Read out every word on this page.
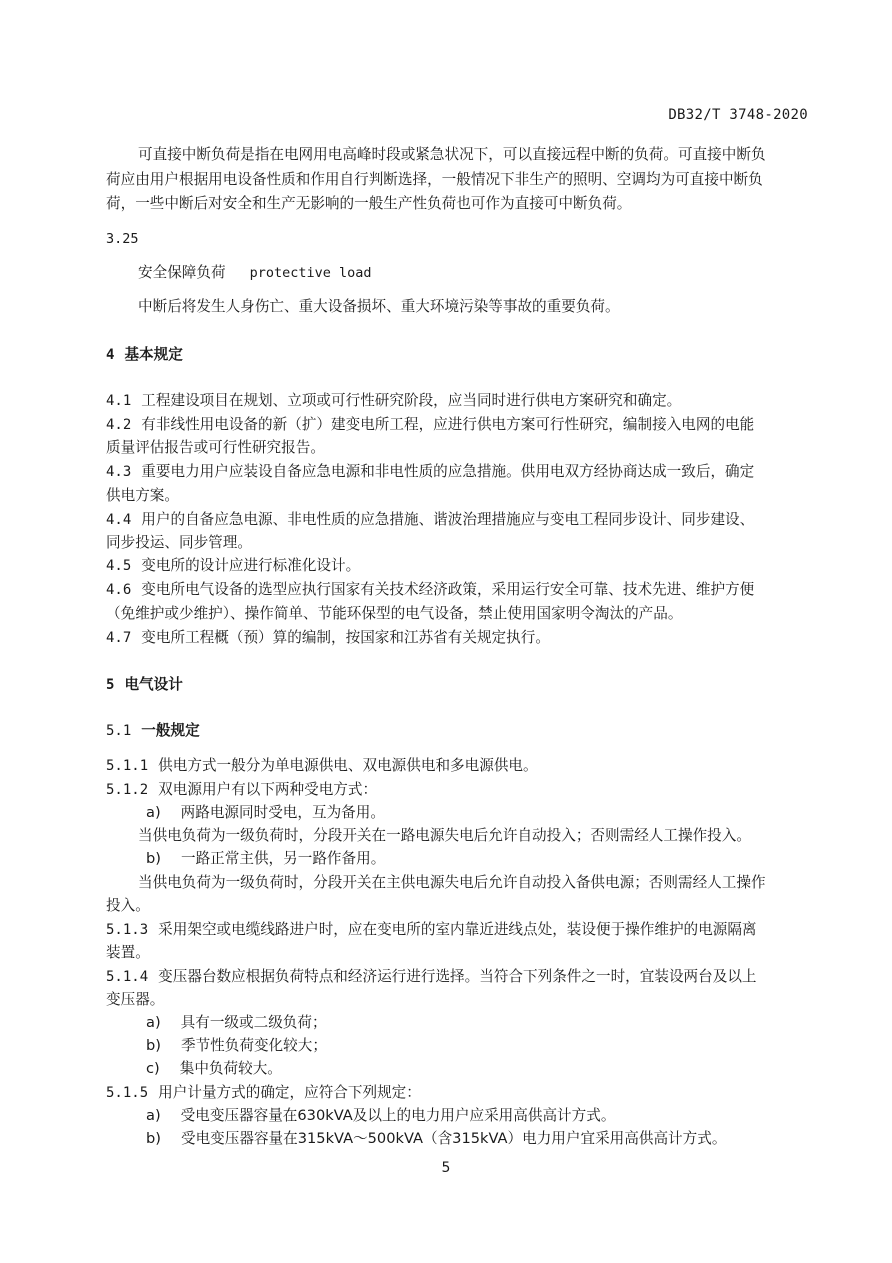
DB32/T 3748-2020
可直接中断负荷是指在电网用电高峰时段或紧急状况下，可以直接远程中断的负荷。可直接中断负
荷应由用户根据用电设备性质和作用自行判断选择，一般情况下非生产的照明、空调均为可直接中断负
荷，一些中断后对安全和生产无影响的一般生产性负荷也可作为直接可中断负荷。
3.25
安全保障负荷 protective load
中断后将发生人身伤亡、重大设备损坏、重大环境污染等事故的重要负荷。
4 基本规定
4.1 工程建设项目在规划、立项或可行性研究阶段，应当同时进行供电方案研究和确定。
4.2 有非线性用电设备的新（扩）建变电所工程，应进行供电方案可行性研究，编制接入电网的电能
质量评估报告或可行性研究报告。
4.3 重要电力用户应装设自备应急电源和非电性质的应急措施。供用电双方经协商达成一致后，确定
供电方案。
4.4 用户的自备应急电源、非电性质的应急措施、谐波治理措施应与变电工程同步设计、同步建设、
同步投运、同步管理。
4.5 变电所的设计应进行标准化设计。
4.6 变电所电气设备的选型应执行国家有关技术经济政策，采用运行安全可靠、技术先进、维护方便
（免维护或少维护）、操作简单、节能环保型的电气设备，禁止使用国家明令淘汰的产品。
4.7 变电所工程概（预）算的编制，按国家和江苏省有关规定执行。
5 电气设计
5.1 一般规定
5.1.1 供电方式一般分为单电源供电、双电源供电和多电源供电。
5.1.2 双电源用户有以下两种受电方式：
a) 两路电源同时受电，互为备用。
当供电负荷为一级负荷时，分段开关在一路电源失电后允许自动投入；否则需经人工操作投入。
b) 一路正常主供，另一路作备用。
当供电负荷为一级负荷时，分段开关在主供电源失电后允许自动投入备供电源；否则需经人工操作
投入。
5.1.3 采用架空或电缆线路进户时，应在变电所的室内靠近进线点处，装设便于操作维护的电源隔离
装置。
5.1.4 变压器台数应根据负荷特点和经济运行进行选择。当符合下列条件之一时，宜装设两台及以上
变压器。
a) 具有一级或二级负荷；
b) 季节性负荷变化较大；
c) 集中负荷较大。
5.1.5 用户计量方式的确定，应符合下列规定：
a) 受电变压器容量在630kVA及以上的电力用户应采用高供高计方式。
b) 受电变压器容量在315kVA～500kVA（含315kVA）电力用户宜采用高供高计方式。
5
